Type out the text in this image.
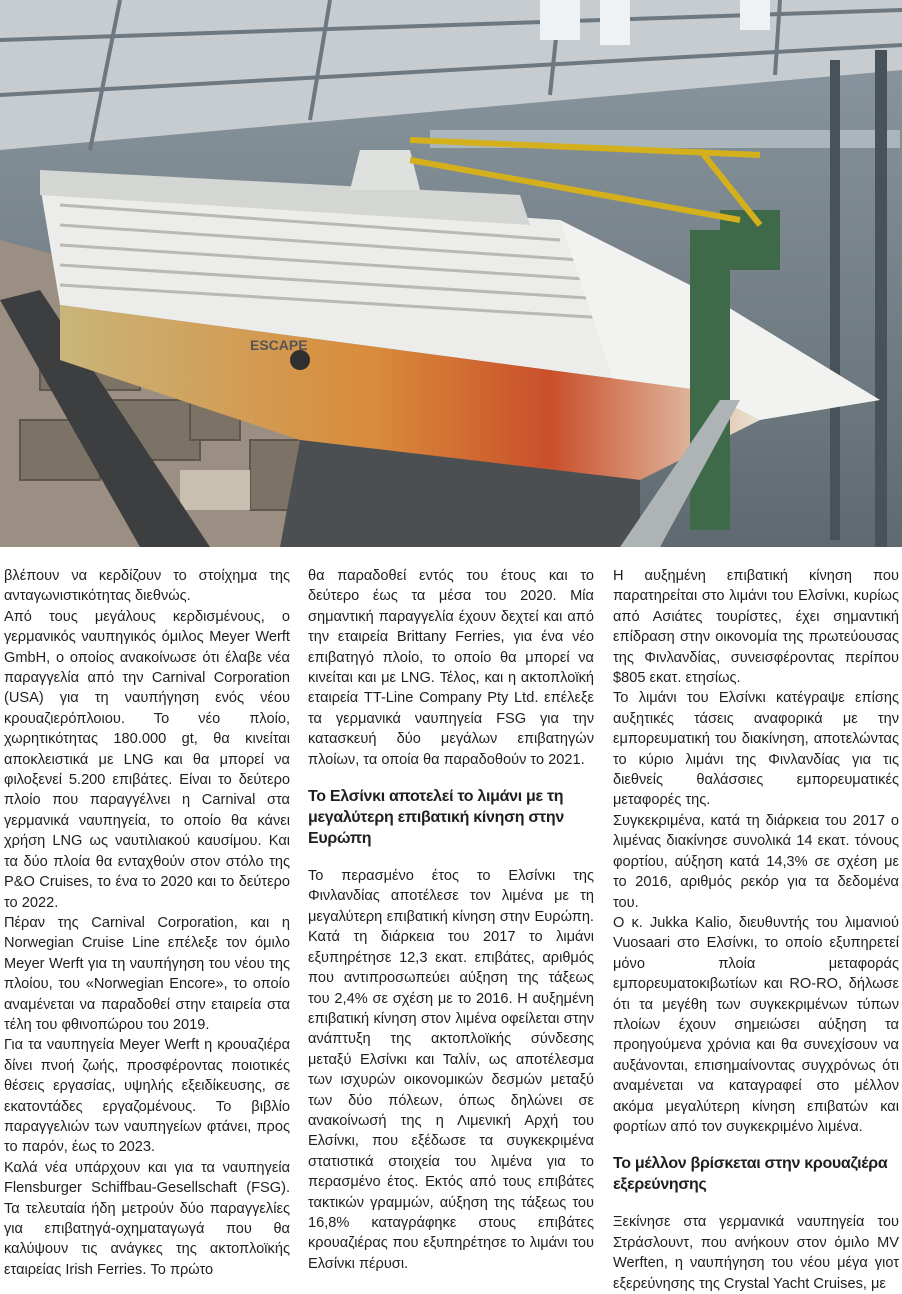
ESCAPE

βλέπουν να κερδίζουν το στοίχημα της ανταγωνιστικότητας διεθνώς.

Από τους μεγάλους κερδισμένους, ο γερμανικός ναυπηγικός όμιλος Meyer Werft GmbH, ο οποίος ανακοίνωσε ότι έλαβε νέα παραγγελία από την Carnival Corporation (USA) για τη ναυπήγηση ενός νέου κρουαζιερόπλοιου. Το νέο πλοίο, χωρητικότητας 180.000 gt, θα κινείται αποκλειστικά με LNG και θα μπορεί να φιλοξενεί 5.200 επιβάτες. Είναι το δεύτερο πλοίο που παραγγέλνει η Carnival στα γερμανικά ναυπηγεία, το οποίο θα κάνει χρήση LNG ως ναυτιλιακού καυσίμου. Και τα δύο πλοία θα ενταχθούν στον στόλο της P&O Cruises, το ένα το 2020 και το δεύτερο το 2022.

Πέραν της Carnival Corporation, και η Norwegian Cruise Line επέλεξε τον όμιλο Meyer Werft για τη ναυπήγηση του νέου της πλοίου, του «Norwegian Encore», το οποίο αναμένεται να παραδοθεί στην εταιρεία στα τέλη του φθινοπώρου του 2019.

Για τα ναυπηγεία Meyer Werft η κρουαζιέρα δίνει πνοή ζωής, προσφέροντας ποιοτικές θέσεις εργασίας, υψηλής εξειδίκευσης, σε εκατοντάδες εργαζομένους. Το βιβλίο παραγγελιών των ναυπηγείων φτάνει, προς το παρόν, έως το 2023.

Καλά νέα υπάρχουν και για τα ναυπηγεία Flensburger Schiffbau-Gesellschaft (FSG). Τα τελευταία ήδη μετρούν δύο παραγγελίες για επιβατηγά-οχηματαγωγά που θα καλύψουν τις ανάγκες της ακτοπλοϊκής εταιρείας Irish Ferries. Το πρώτο

θα παραδοθεί εντός του έτους και το δεύτερο έως τα μέσα του 2020. Μία σημαντική παραγγελία έχουν δεχτεί και από την εταιρεία Brittany Ferries, για ένα νέο επιβατηγό πλοίο, το οποίο θα μπορεί να κινείται και με LNG. Τέλος, και η ακτοπλοϊκή εταιρεία TT-Line Company Pty Ltd. επέλεξε τα γερμανικά ναυπηγεία FSG για την κατασκευή δύο μεγάλων επιβατηγών πλοίων, τα οποία θα παραδοθούν το 2021.

Το Ελσίνκι αποτελεί το λιμάνι με τη μεγαλύτερη επιβατική κίνηση στην Ευρώπη

Το περασμένο έτος το Ελσίνκι της Φινλανδίας αποτέλεσε τον λιμένα με τη μεγαλύτερη επιβατική κίνηση στην Ευρώπη. Κατά τη διάρκεια του 2017 το λιμάνι εξυπηρέτησε 12,3 εκατ. επιβάτες, αριθμός που αντιπροσωπεύει αύξηση της τάξεως του 2,4% σε σχέση με το 2016. Η αυξημένη επιβατική κίνηση στον λιμένα οφείλεται στην ανάπτυξη της ακτοπλοϊκής σύνδεσης μεταξύ Ελσίνκι και Ταλίν, ως αποτέλεσμα των ισχυρών οικονομικών δεσμών μεταξύ των δύο πόλεων, όπως δηλώνει σε ανακοίνωσή της η Λιμενική Αρχή του Ελσίνκι, που εξέδωσε τα συγκεκριμένα στατιστικά στοιχεία του λιμένα για το περασμένο έτος. Εκτός από τους επιβάτες τακτικών γραμμών, αύξηση της τάξεως του 16,8% καταγράφηκε στους επιβάτες κρουαζιέρας που εξυπηρέτησε το λιμάνι του Ελσίνκι πέρυσι.

Η αυξημένη επιβατική κίνηση που παρατηρείται στο λιμάνι του Ελσίνκι, κυρίως από Ασιάτες τουρίστες, έχει σημαντική επίδραση στην οικονομία της πρωτεύουσας της Φινλανδίας, συνεισφέροντας περίπου $805 εκατ. ετησίως.

Το λιμάνι του Ελσίνκι κατέγραψε επίσης αυξητικές τάσεις αναφορικά με την εμπορευματική του διακίνηση, αποτελώντας το κύριο λιμάνι της Φινλανδίας για τις διεθνείς θαλάσσιες εμπορευματικές μεταφορές της.

Συγκεκριμένα, κατά τη διάρκεια του 2017 ο λιμένας διακίνησε συνολικά 14 εκατ. τόνους φορτίου, αύξηση κατά 14,3% σε σχέση με το 2016, αριθμός ρεκόρ για τα δεδομένα του.

Ο κ. Jukka Kalio, διευθυντής του λιμανιού Vuosaari στο Ελσίνκι, το οποίο εξυπηρετεί μόνο πλοία μεταφοράς εμπορευματοκιβωτίων και RO-RO, δήλωσε ότι τα μεγέθη των συγκεκριμένων τύπων πλοίων έχουν σημειώσει αύξηση τα προηγούμενα χρόνια και θα συνεχίσουν να αυξάνονται, επισημαίνοντας συγχρόνως ότι αναμένεται να καταγραφεί στο μέλλον ακόμα μεγαλύτερη κίνηση επιβατών και φορτίων από τον συγκεκριμένο λιμένα.

Το μέλλον βρίσκεται στην κρουαζιέρα εξερεύνησης

Ξεκίνησε στα γερμανικά ναυπηγεία του Στράσλουντ, που ανήκουν στον όμιλο MV Werften, η ναυπήγηση του νέου μέγα γιοτ εξερεύνησης της Crystal Yacht Cruises, με
